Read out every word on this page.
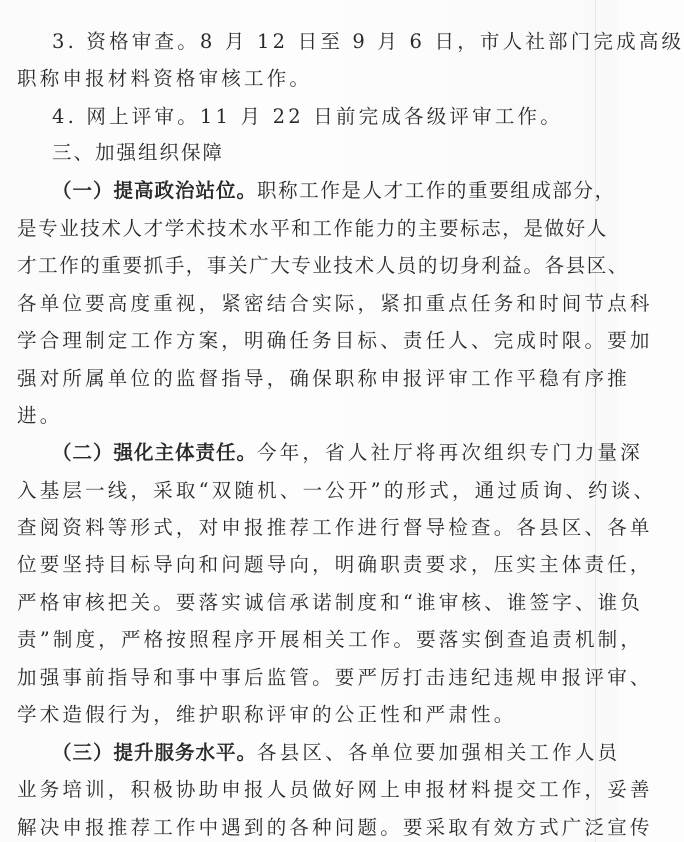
3. 资格审查。8 月 12 日至 9 月 6 日，市人社部门完成高级
职称申报材料资格审核工作。
4. 网上评审。11 月 22 日前完成各级评审工作。
三、加强组织保障
（一）提高政治站位。职称工作是人才工作的重要组成部分，
是专业技术人才学术技术水平和工作能力的主要标志，是做好人
才工作的重要抓手，事关广大专业技术人员的切身利益。各县区、
各单位要高度重视，紧密结合实际，紧扣重点任务和时间节点科
学合理制定工作方案，明确任务目标、责任人、完成时限。要加
强对所属单位的监督指导，确保职称申报评审工作平稳有序推
进。
（二）强化主体责任。今年，省人社厅将再次组织专门力量深
入基层一线，采取“双随机、一公开”的形式，通过质询、约谈、
查阅资料等形式，对申报推荐工作进行督导检查。各县区、各单
位要坚持目标导向和问题导向，明确职责要求，压实主体责任，
严格审核把关。要落实诚信承诺制度和“谁审核、谁签字、谁负
责”制度，严格按照程序开展相关工作。要落实倒查追责机制，
加强事前指导和事中事后监管。要严厉打击违纪违规申报评审、
学术造假行为，维护职称评审的公正性和严肃性。
（三）提升服务水平。各县区、各单位要加强相关工作人员
业务培训，积极协助申报人员做好网上申报材料提交工作，妥善
解决申报推荐工作中遇到的各种问题。要采取有效方式广泛宣传
